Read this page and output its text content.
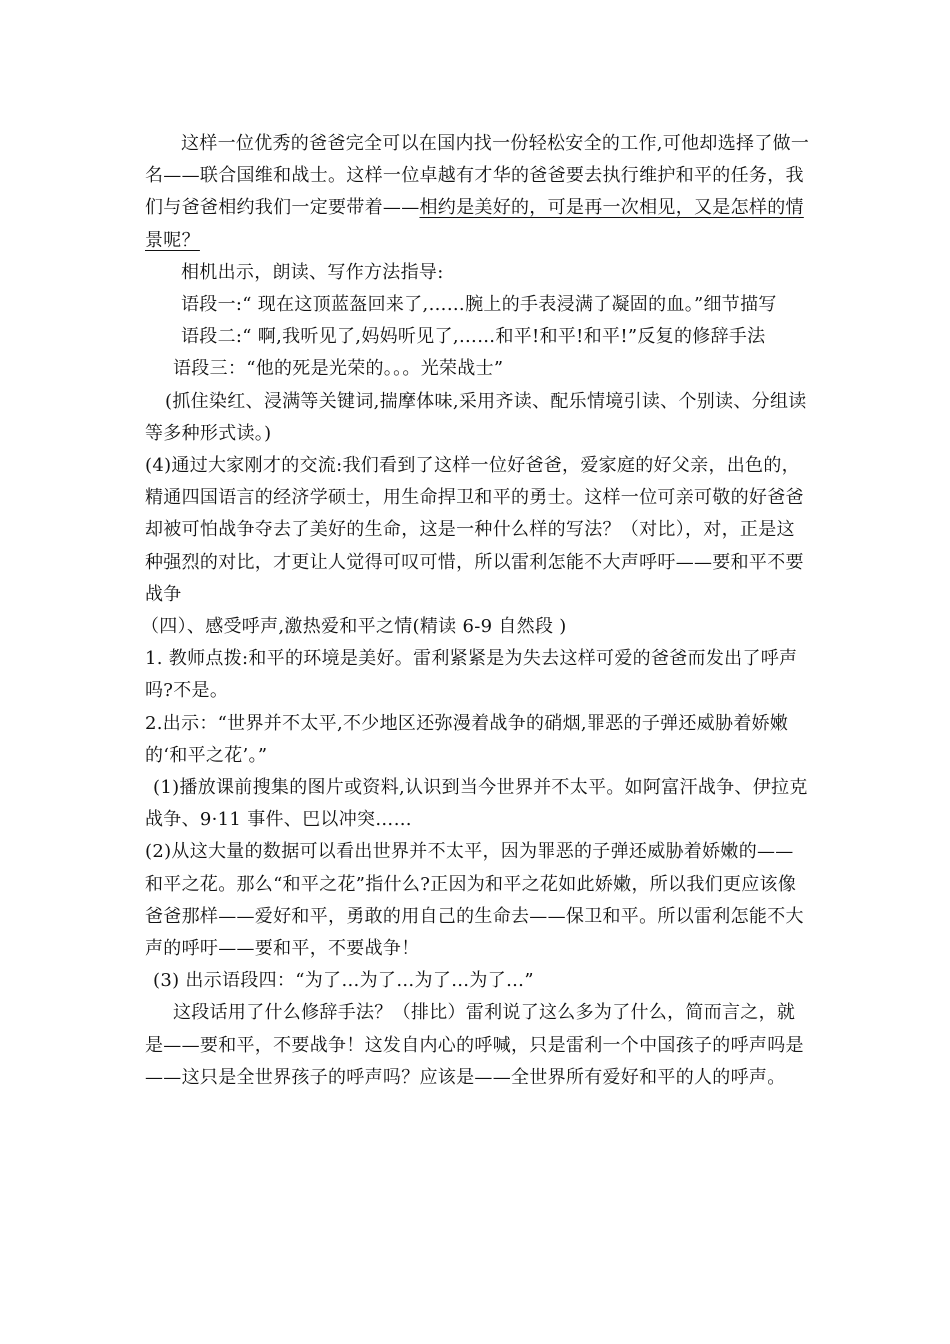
这样一位优秀的爸爸完全可以在国内找一份轻松安全的工作,可他却选择了做一名——联合国维和战士。这样一位卓越有才华的爸爸要去执行维护和平的任务，我们与爸爸相约我们一定要带着——相约是美好的，可是再一次相见，又是怎样的情景呢？

相机出示，朗读、写作方法指导:

语段一:“ 现在这顶蓝盔回来了,……腕上的手表浸满了凝固的血。”细节描写

语段二:“ 啊,我听见了,妈妈听见了,……和平!和平!和平!”反复的修辞手法

语段三：“他的死是光荣的。。。光荣战士”

(抓住染红、浸满等关键词,揣摩体味,采用齐读、配乐情境引读、个别读、分组读等多种形式读。)

(4)通过大家刚才的交流:我们看到了这样一位好爸爸，爱家庭的好父亲，出色的，精通四国语言的经济学硕士，用生命捍卫和平的勇士。这样一位可亲可敬的好爸爸却被可怕战争夺去了美好的生命，这是一种什么样的写法？（对比），对，正是这种强烈的对比，才更让人觉得可叹可惜，所以雷利怎能不大声呼吁——要和平不要战争

（四）、感受呼声,激热爱和平之情(精读 6-9 自然段 )

1. 教师点拨:和平的环境是美好。雷利紧紧是为失去这样可爱的爸爸而发出了呼声吗?不是。

2.出示：“世界并不太平,不少地区还弥漫着战争的硝烟,罪恶的子弹还威胁着娇嫩的‘和平之花’。”

(1)播放课前搜集的图片或资料,认识到当今世界并不太平。如阿富汗战争、伊拉克战争、9·11 事件、巴以冲突……

(2)从这大量的数据可以看出世界并不太平，因为罪恶的子弹还威胁着娇嫩的——和平之花。那么“和平之花”指什么?正因为和平之花如此娇嫩，所以我们更应该像爸爸那样——爱好和平，勇敢的用自己的生命去——保卫和平。所以雷利怎能不大声的呼吁——要和平，不要战争！

(3) 出示语段四：“为了…为了…为了…为了…”

这段话用了什么修辞手法？（排比）雷利说了这么多为了什么，简而言之，就是——要和平，不要战争！这发自内心的呼喊，只是雷利一个中国孩子的呼声吗是——这只是全世界孩子的呼声吗？应该是——全世界所有爱好和平的人的呼声。
